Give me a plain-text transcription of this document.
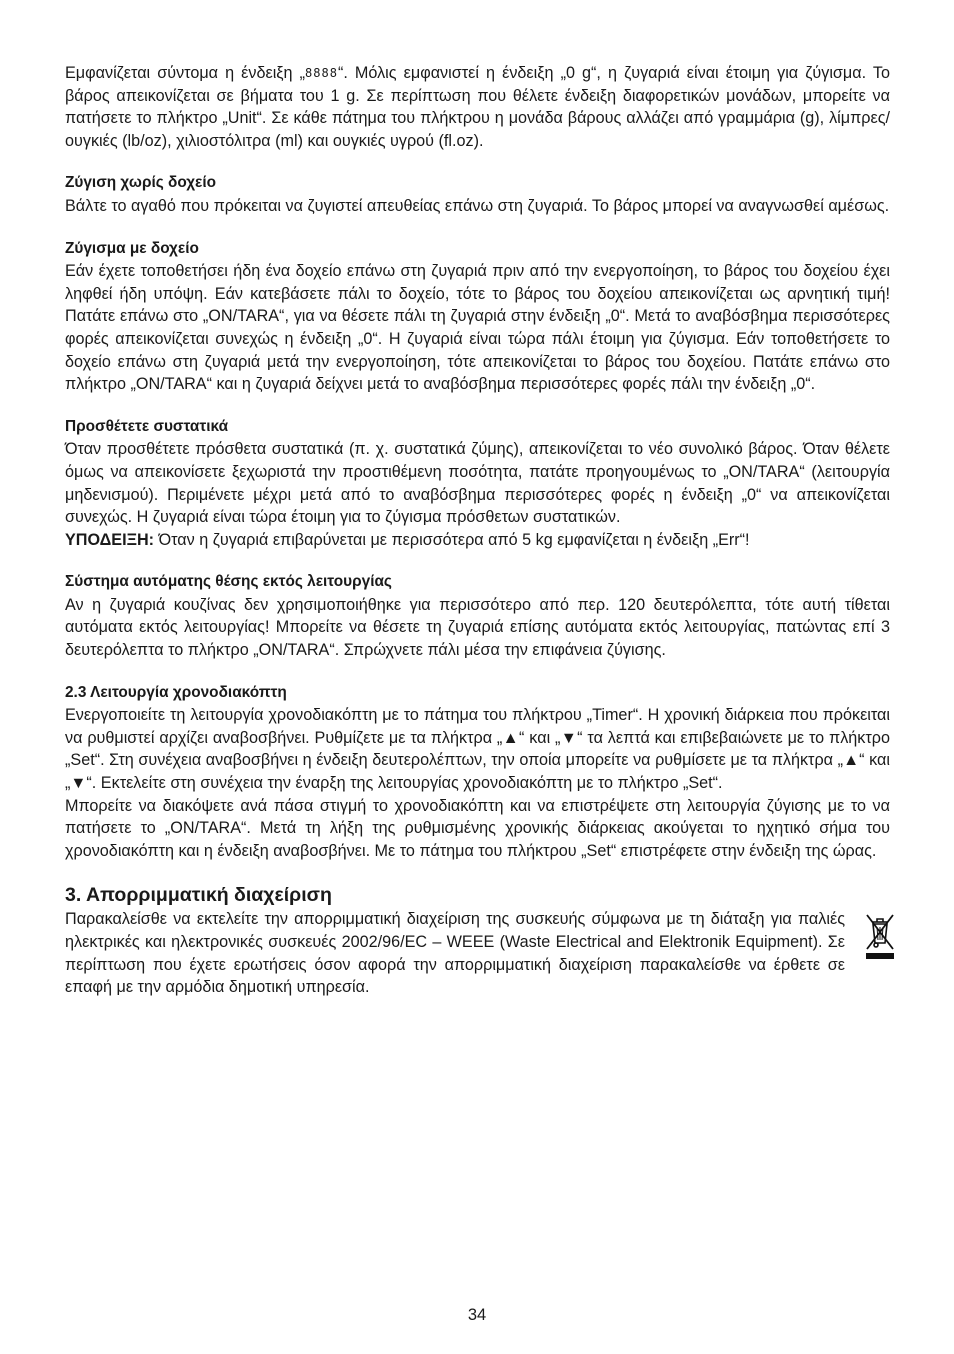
Εμφανίζεται σύντομα η ένδειξη „8888“. Μόλις εμφανιστεί η ένδειξη „0 g“, η ζυγαριά είναι έτοιμη για ζύγισμα. Το βάρος απεικονίζεται σε βήματα του 1 g. Σε περίπτωση που θέλετε ένδειξη διαφορετικών μονάδων, μπορείτε να πατήσετε το πλήκτρο „Unit“. Σε κάθε πάτημα του πλήκτρου η μονάδα βάρους αλλάζει από γραμμάρια (g), λίμπρες/ουγκιές (lb/oz), χιλιοστόλιτρα (ml) και ουγκιές υγρού (fl.oz).

Ζύγιση χωρίς δοχείο

Βάλτε το αγαθό που πρόκειται να ζυγιστεί απευθείας επάνω στη ζυγαριά. Το βάρος μπορεί να αναγνωσθεί αμέσως.

Ζύγισμα με δοχείο

Εάν έχετε τοποθετήσει ήδη ένα δοχείο επάνω στη ζυγαριά πριν από την ενεργοποίηση, το βάρος του δοχείου έχει ληφθεί ήδη υπόψη. Εάν κατεβάσετε πάλι το δοχείο, τότε το βάρος του δοχείου απεικονίζεται ως αρνητική τιμή! Πατάτε επάνω στο „ON/TARA“, για να θέσετε πάλι τη ζυγαριά στην ένδειξη „0“. Μετά το αναβόσβημα περισσότερες φορές απεικονίζεται συνεχώς η ένδειξη „0“. Η ζυγαριά είναι τώρα πάλι έτοιμη για ζύγισμα. Εάν τοποθετήσετε το δοχείο επάνω στη ζυγαριά μετά την ενεργοποίηση, τότε απεικονίζεται το βάρος του δοχείου. Πατάτε επάνω στο πλήκτρο „ON/TARA“ και η ζυγαριά δείχνει μετά το αναβόσβημα περισσότερες φορές πάλι την ένδειξη „0“.

Προσθέτετε συστατικά

Όταν προσθέτετε πρόσθετα συστατικά (π. χ. συστατικά ζύμης), απεικονίζεται το νέο συνολικό βάρος. Όταν θέλετε όμως να απεικονίσετε ξεχωριστά την προστιθέμενη ποσότητα, πατάτε προηγουμένως το „ON/TARA“ (λειτουργία μηδενισμού). Περιμένετε μέχρι μετά από το αναβόσβημα περισσότερες φορές η ένδειξη „0“ να απεικονίζεται συνεχώς. Η ζυγαριά είναι τώρα έτοιμη για το ζύγισμα πρόσθετων συστατικών.

ΥΠΟΔΕΙΞΗ: Όταν η ζυγαριά επιβαρύνεται με περισσότερα από 5 kg εμφανίζεται η ένδειξη „Err“!

Σύστημα αυτόματης θέσης εκτός λειτουργίας

Αν η ζυγαριά κουζίνας δεν χρησιμοποιήθηκε για περισσότερο από περ. 120 δευτερόλεπτα, τότε αυτή τίθεται αυτόματα εκτός λειτουργίας! Μπορείτε να θέσετε τη ζυγαριά επίσης αυτόματα εκτός λειτουργίας, πατώντας επί 3 δευτερόλεπτα το πλήκτρο „ON/TARA“. Σπρώχνετε πάλι μέσα την επιφάνεια ζύγισης.

2.3 Λειτουργία χρονοδιακόπτη

Ενεργοποιείτε τη λειτουργία χρονοδιακόπτη με το πάτημα του πλήκτρου „Timer“. Η χρονική διάρκεια που πρόκειται να ρυθμιστεί αρχίζει αναβοσβήνει. Ρυθμίζετε με τα πλήκτρα „▲“ και „▼“ τα λεπτά και επιβεβαιώνετε με το πλήκτρο „Set“. Στη συνέχεια αναβοσβήνει η ένδειξη δευτερολέπτων, την οποία μπορείτε να ρυθμίσετε με τα πλήκτρα „▲“ και „▼“. Εκτελείτε στη συνέχεια την έναρξη της λειτουργίας χρονοδιακόπτη με το πλήκτρο „Set“.

Μπορείτε να διακόψετε ανά πάσα στιγμή το χρονοδιακόπτη και να επιστρέψετε στη λειτουργία ζύγισης με το να πατήσετε το „ON/TARA“. Μετά τη λήξη της ρυθμισμένης χρονικής διάρκειας ακούγεται το ηχητικό σήμα του χρονοδιακόπτη και η ένδειξη αναβοσβήνει. Με το πάτημα του πλήκτρου „Set“ επιστρέφετε στην ένδειξη της ώρας.

3. Απορριμματική διαχείριση

Παρακαλείσθε να εκτελείτε την απορριμματική διαχείριση της συσκευής σύμφωνα με τη διάταξη για παλιές ηλεκτρικές και ηλεκτρονικές συσκευές 2002/96/EC – WEEE (Waste Electrical and Elektronik Equipment). Σε περίπτωση που έχετε ερωτήσεις όσον αφορά την απορριμματική διαχείριση παρακαλείσθε να έρθετε σε επαφή με την αρμόδια δημοτική υπηρεσία.

34
